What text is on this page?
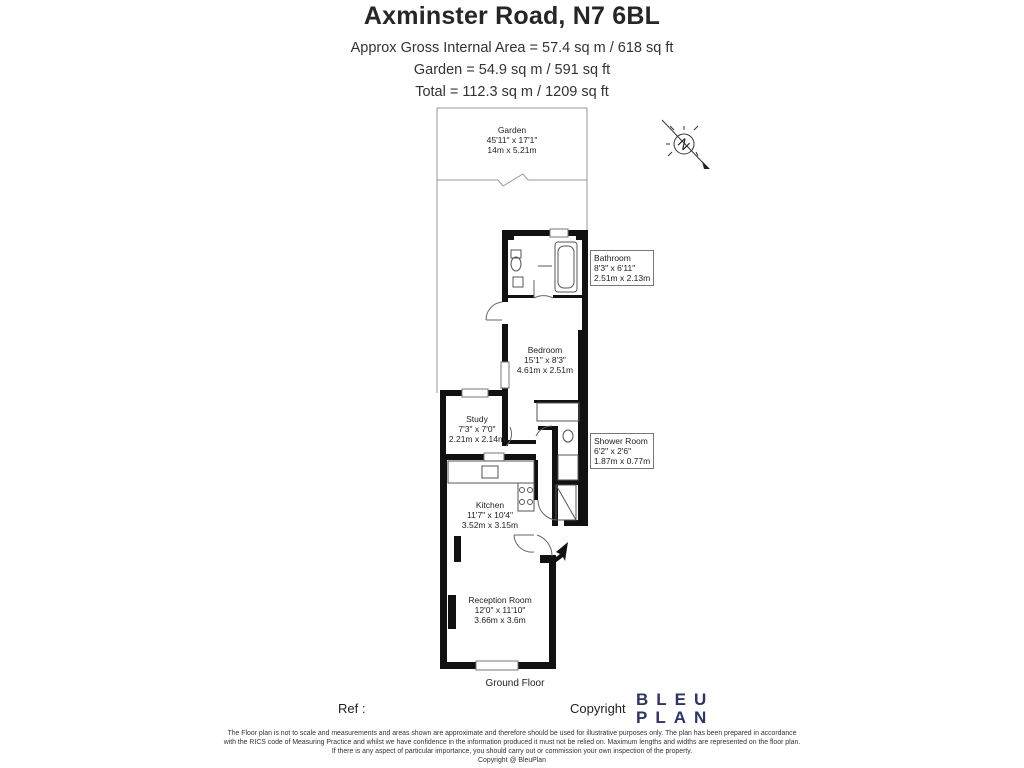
Axminster Road, N7 6BL
Approx Gross Internal Area = 57.4 sq m / 618 sq ft
Garden = 54.9 sq m / 591 sq ft
Total = 112.3 sq m / 1209 sq ft
N
Garden
45'11" x 17'1"
14m x 5.21m
Bathroom
8'3" x 6'11"
2.51m x 2.13m
Bedroom
15'1" x 8'3"
4.61m x 2.51m
Study
7'3" x 7'0"
2.21m x 2.14m	Shower Room
6'2" x 2'6"
1.87m x 0.77m
Kitchen
11'7" x 10'4"
3.52m x 3.15m
Reception Room
12'0" x 11'10"
3.66m x 3.6m
Ground Floor
Ref :	Copyright BLEU
PLAN
The Floor plan is not to scale and measurements and areas shown are approximate and therefore should be used for illustrative purposes only. The plan has been prepared in accordance
with the RICS code of Measuring Practice and whilst we have confidence in the information produced it must not be relied on. Maximum lengths and widths are represented on the floor plan.
If there is any aspect of particular importance, you should carry out or commission your own inspection of the property.
Copyright @ BleuPlan
